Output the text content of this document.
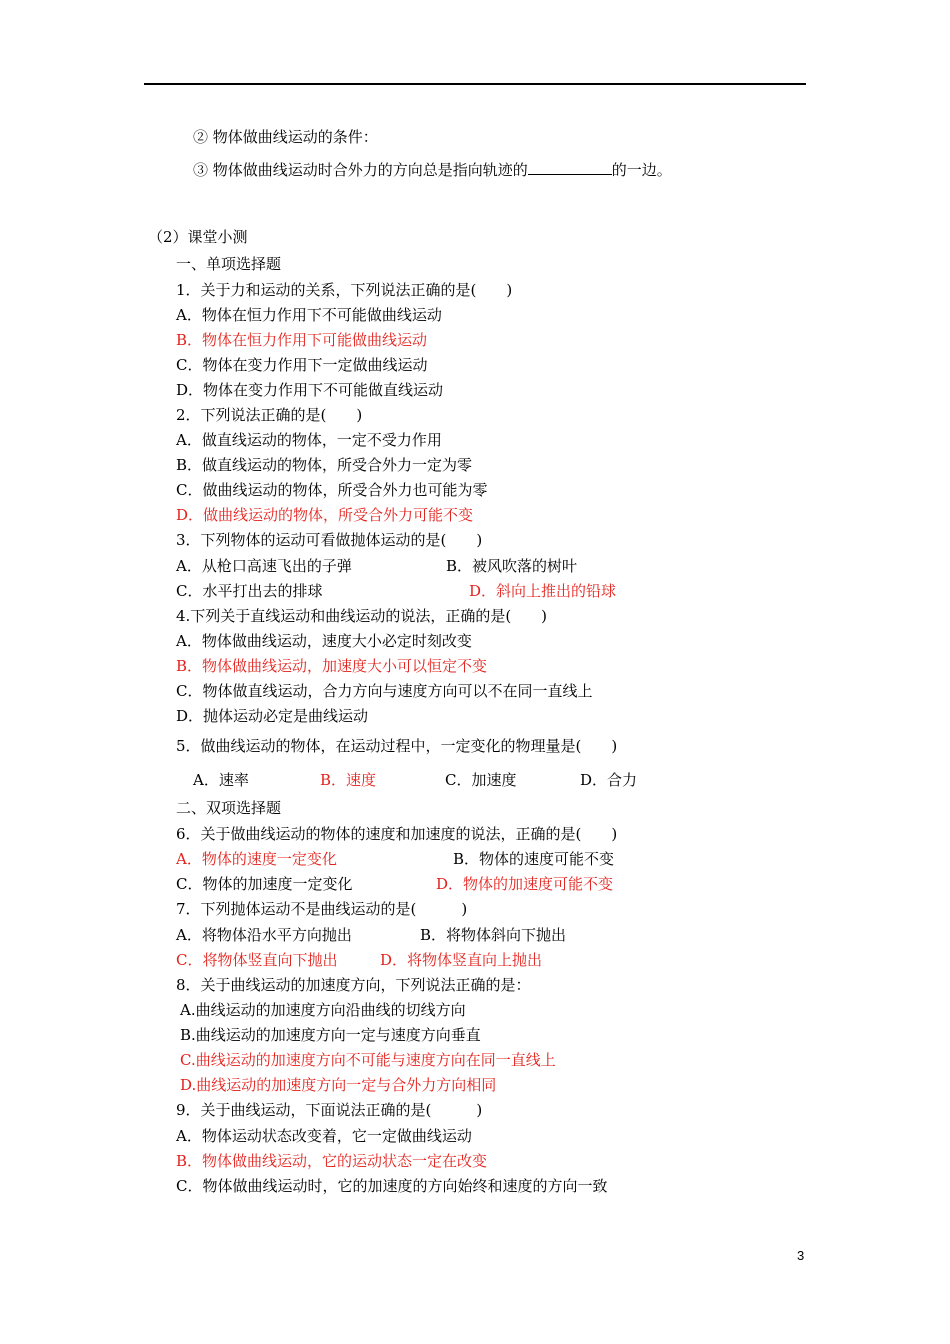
② 物体做曲线运动的条件：
③ 物体做曲线运动时合外力的方向总是指向轨迹的	的一边。
（2）课堂小测
一、单项选择题
1．关于力和运动的关系，下列说法正确的是(　　)
A．物体在恒力作用下不可能做曲线运动
B．物体在恒力作用下可能做曲线运动
C．物体在变力作用下一定做曲线运动
D．物体在变力作用下不可能做直线运动
2．下列说法正确的是(　　)
A．做直线运动的物体，一定不受力作用
B．做直线运动的物体，所受合外力一定为零
C．做曲线运动的物体，所受合外力也可能为零
D．做曲线运动的物体，所受合外力可能不变
3．下列物体的运动可看做抛体运动的是(　　)
A．从枪口高速飞出的子弹	B．被风吹落的树叶
C．水平打出去的排球	D．斜向上推出的铅球
4.下列关于直线运动和曲线运动的说法，正确的是(　　)
A．物体做曲线运动，速度大小必定时刻改变
B．物体做曲线运动，加速度大小可以恒定不变
C．物体做直线运动，合力方向与速度方向可以不在同一直线上
D．抛体运动必定是曲线运动
5．做曲线运动的物体，在运动过程中，一定变化的物理量是(　　)
A．速率	B．速度	C．加速度	D．合力
二、双项选择题
6．关于做曲线运动的物体的速度和加速度的说法，正确的是(　　)
A．物体的速度一定变化	B．物体的速度可能不变
C．物体的加速度一定变化	D．物体的加速度可能不变
7．下列抛体运动不是曲线运动的是(　　　)
A．将物体沿水平方向抛出	B．将物体斜向下抛出
C．将物体竖直向下抛出	D．将物体竖直向上抛出
8．关于曲线运动的加速度方向，下列说法正确的是：
A.曲线运动的加速度方向沿曲线的切线方向
B.曲线运动的加速度方向一定与速度方向垂直
C.曲线运动的加速度方向不可能与速度方向在同一直线上
D.曲线运动的加速度方向一定与合外力方向相同
9．关于曲线运动，下面说法正确的是(　　　)
A．物体运动状态改变着，它一定做曲线运动
B．物体做曲线运动，它的运动状态一定在改变
C．物体做曲线运动时，它的加速度的方向始终和速度的方向一致
3
